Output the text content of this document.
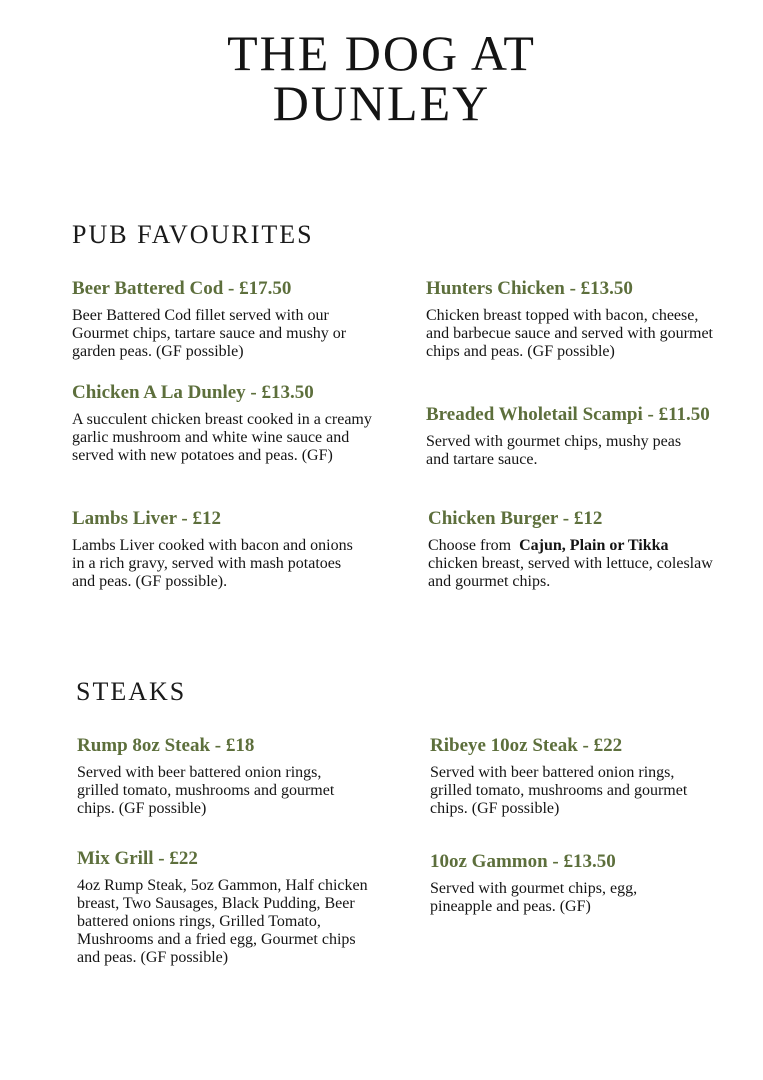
THE DOG AT
DUNLEY
PUB FAVOURITES

Beer Battered Cod - £17.50

Beer Battered Cod fillet served with our Gourmet chips, tartare sauce and mushy or garden peas. (GF possible)

Hunters Chicken - £13.50

Chicken breast topped with bacon, cheese, and barbecue sauce and served with gourmet chips and peas. (GF possible)

Chicken A La Dunley - £13.50

A succulent chicken breast cooked in a creamy garlic mushroom and white wine sauce and served with new potatoes and peas. (GF)

Breaded Wholetail Scampi - £11.50

Served with gourmet chips, mushy peas and tartare sauce.

Lambs Liver - £12

Lambs Liver cooked with bacon and onions in a rich gravy, served with mash potatoes and peas. (GF possible).

Chicken Burger - £12

Choose from Cajun, Plain or Tikka chicken breast, served with lettuce, coleslaw and gourmet chips.

STEAKS

Rump 8oz Steak - £18

Served with beer battered onion rings, grilled tomato, mushrooms and gourmet chips. (GF possible)

Ribeye 10oz Steak - £22

Served with beer battered onion rings, grilled tomato, mushrooms and gourmet chips. (GF possible)

Mix Grill - £22

4oz Rump Steak, 5oz Gammon, Half chicken breast, Two Sausages, Black Pudding, Beer battered onions rings, Grilled Tomato, Mushrooms and a fried egg, Gourmet chips and peas. (GF possible)

10oz Gammon - £13.50

Served with gourmet chips, egg, pineapple and peas. (GF)
